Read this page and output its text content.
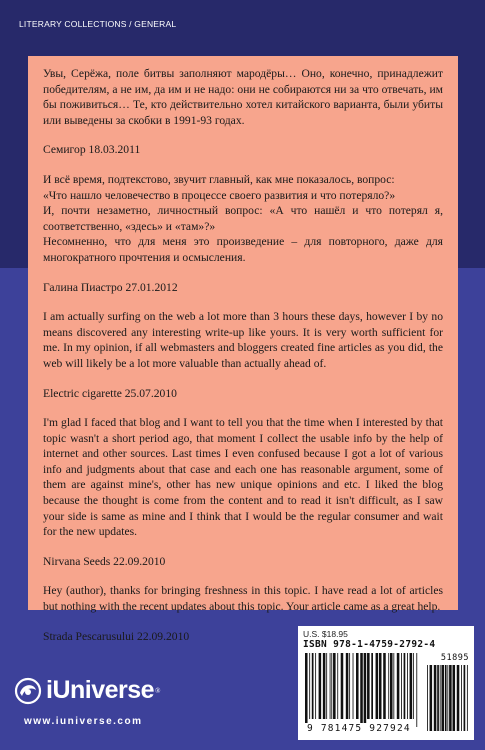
LITERARY COLLECTIONS / GENERAL
Увы, Серёжа, поле битвы заполняют мародёры… Оно, конечно, принадлежит победителям, а не им, да им и не надо: они не собираются ни за что отвечать, им бы поживиться… Те, кто действительно хотел китайского варианта, были убиты или выведены за скобки в 1991-93 годах.
Семигор 18.03.2011
И всё время, подтекстово, звучит главный, как мне показалось, вопрос:
«Что нашло человечество в процессе своего развития и что потеряло?»
И, почти незаметно, личностный вопрос: «А что нашёл и что потерял я, соответственно, «здесь» и «там»?»
Несомненно, что для меня это произведение – для повторного, даже для многократного прочтения и осмысления.
Галина Пиастро 27.01.2012
I am actually surfing on the web a lot more than 3 hours these days, however I by no means discovered any interesting write-up like yours. It is very worth sufficient for me. In my opinion, if all webmasters and bloggers created fine articles as you did, the web will likely be a lot more valuable than actually ahead of.
Electric cigarette 25.07.2010
I'm glad I faced that blog and I want to tell you that the time when I interested by that topic wasn't a short period ago, that moment I collect the usable info by the help of internet and other sources. Last times I even confused because I got a lot of various info and judgments about that case and each one has reasonable argument, some of them are against mine's, other has new unique opinions and etc. I liked the blog because the thought is come from the content and to read it isn't difficult, as I saw your side is same as mine and I think that I would be the regular consumer and wait for the new updates.
Nirvana Seeds 22.09.2010
Hey (author), thanks for bringing freshness in this topic. I have read a lot of articles but nothing with the recent updates about this topic. Your article came as a great help.
Strada Pescarusului 22.09.2010	U.S. $18.95
ISBN 978-1-4759-2792-4
51895
9 781475 927924
iUniverse ®
www.iuniverse.com
